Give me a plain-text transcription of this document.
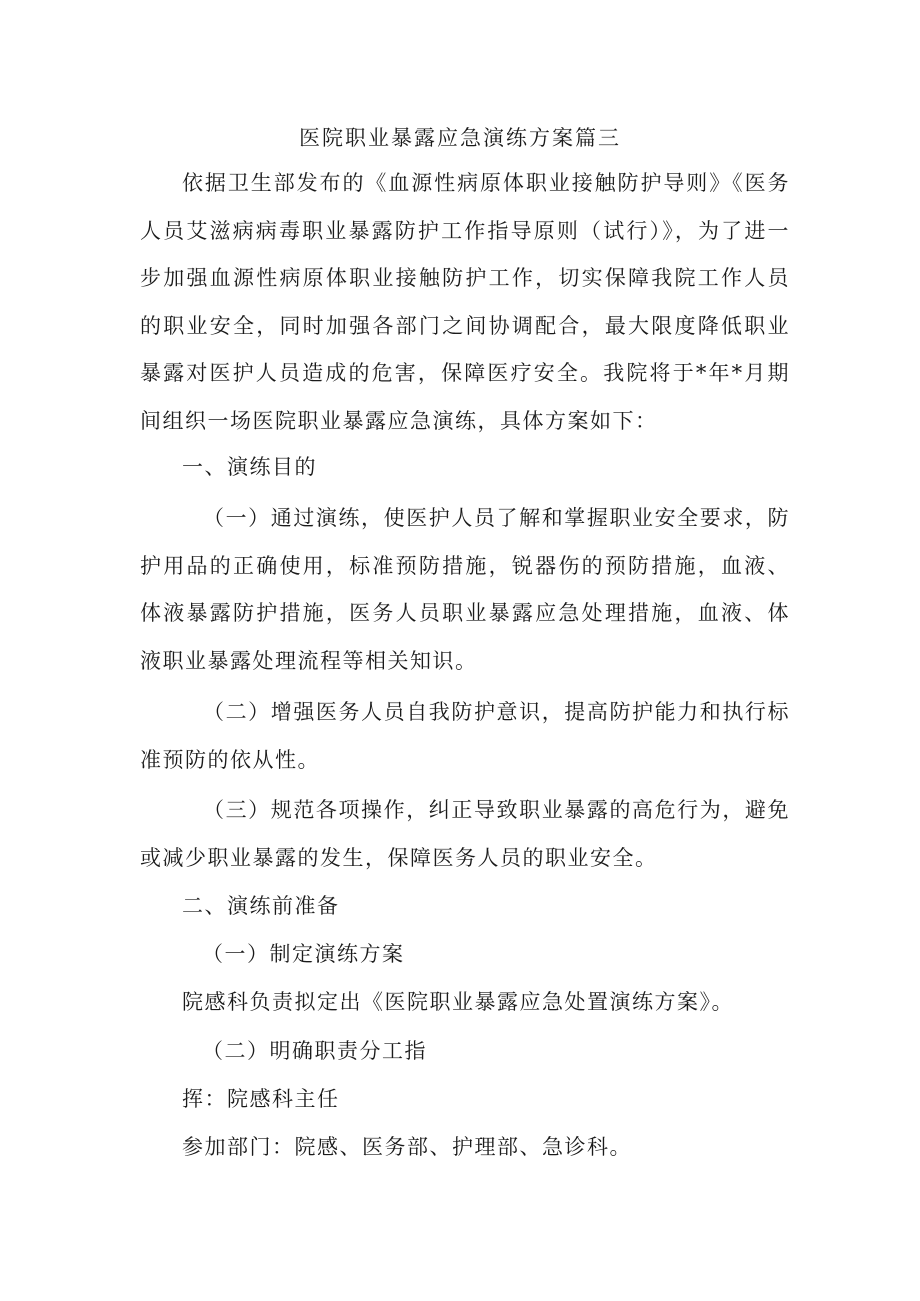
医院职业暴露应急演练方案篇三

依据卫生部发布的《血源性病原体职业接触防护导则》《医务人员艾滋病病毒职业暴露防护工作指导原则（试行）》，为了进一步加强血源性病原体职业接触防护工作，切实保障我院工作人员的职业安全，同时加强各部门之间协调配合，最大限度降低职业暴露对医护人员造成的危害，保障医疗安全。我院将于*年*月期间组织一场医院职业暴露应急演练，具体方案如下：

一、演练目的

（一）通过演练，使医护人员了解和掌握职业安全要求，防护用品的正确使用，标准预防措施，锐器伤的预防措施，血液、体液暴露防护措施，医务人员职业暴露应急处理措施，血液、体液职业暴露处理流程等相关知识。

（二）增强医务人员自我防护意识，提高防护能力和执行标准预防的依从性。

（三）规范各项操作，纠正导致职业暴露的高危行为，避免或减少职业暴露的发生，保障医务人员的职业安全。

二、演练前准备
（一）制定演练方案
院感科负责拟定出《医院职业暴露应急处置演练方案》。
（二）明确职责分工指
挥：院感科主任
参加部门：院感、医务部、护理部、急诊科。
